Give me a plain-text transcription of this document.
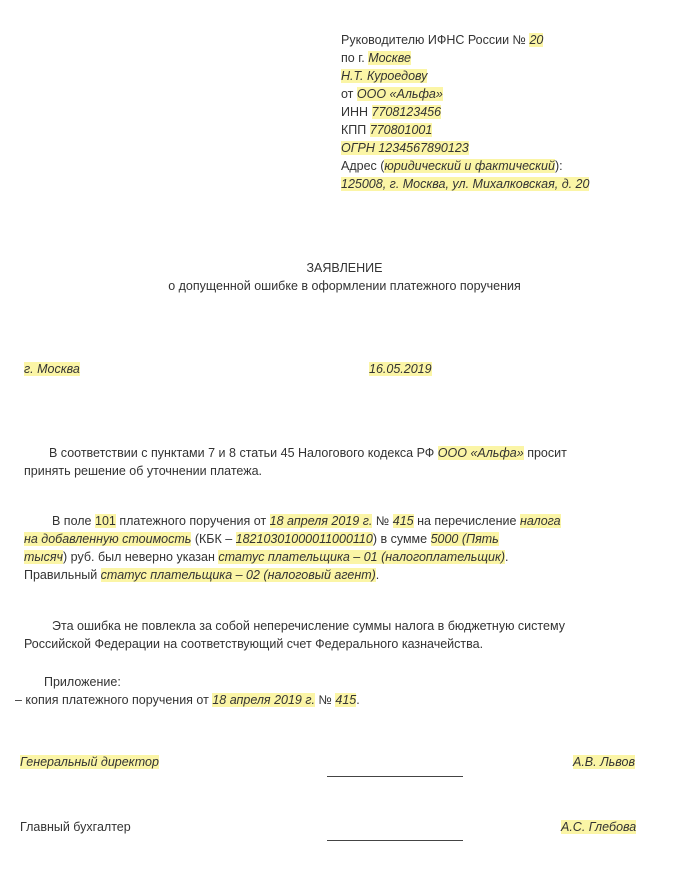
Руководителю ИФНС России № 20
по г. Москве
Н.Т. Куроедову
от ООО «Альфа»
ИНН 7708123456
КПП 770801001
ОГРН 1234567890123
Адрес (юридический и фактический):
125008, г. Москва, ул. Михалковская, д. 20
ЗАЯВЛЕНИЕ
о допущенной ошибке в оформлении платежного поручения
г. Москва	16.05.2019
В соответствии с пунктами 7 и 8 статьи 45 Налогового кодекса РФ ООО «Альфа» просит
принять решение об уточнении платежа.
В поле 101 платежного поручения от 18 апреля 2019 г. № 415 на перечисление налога
на добавленную стоимость (КБК – 18210301000011000110) в сумме 5000 (Пять
тысяч) руб. был неверно указан статус плательщика – 01 (налогоплательщик).
Правильный статус плательщика – 02 (налоговый агент).
Эта ошибка не повлекла за собой неперечисление суммы налога в бюджетную систему
Российской Федерации на соответствующий счет Федерального казначейства.
Приложение:
– копия платежного поручения от 18 апреля 2019 г. № 415.
Генеральный директор	А.В. Львов
Главный бухгалтер	А.С. Глебова
